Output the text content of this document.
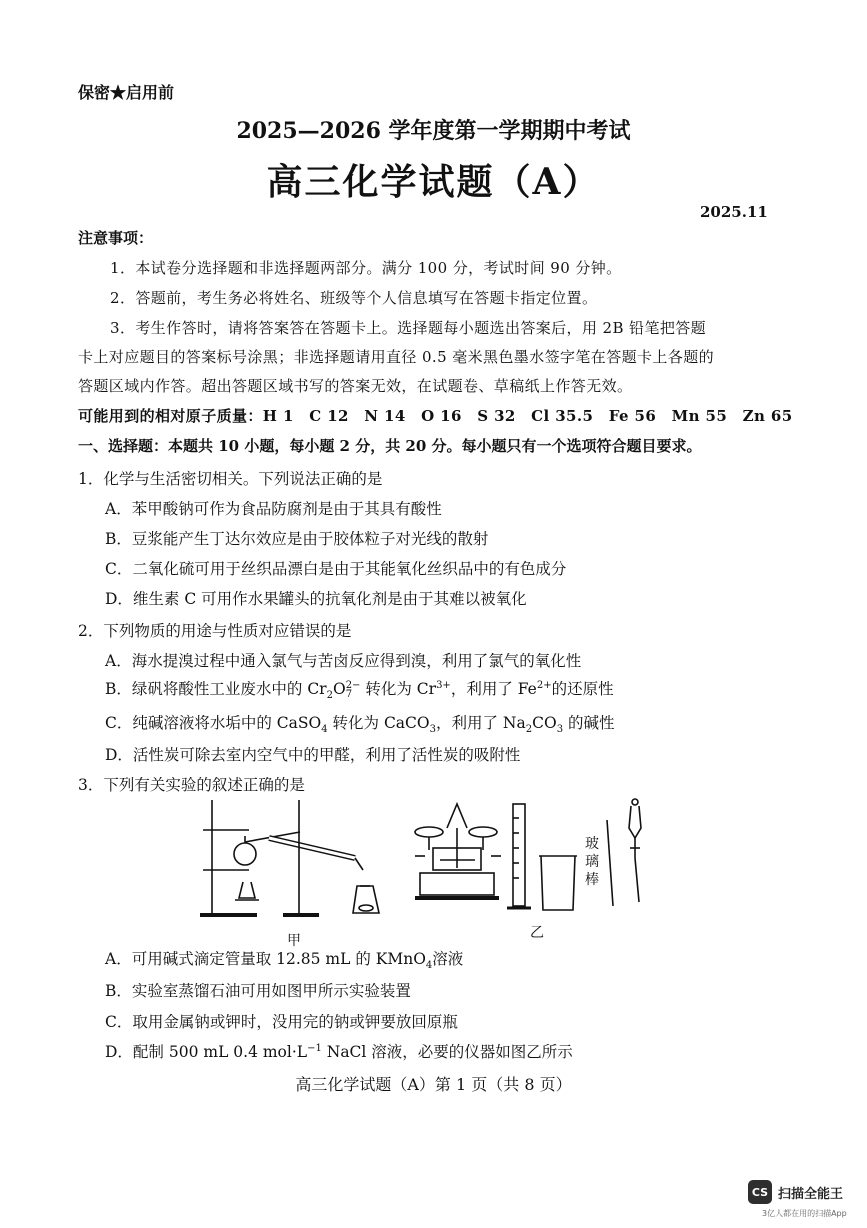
保密★启用前
2025—2026 学年度第一学期期中考试
高三化学试题（A）
2025.11
注意事项：
1．本试卷分选择题和非选择题两部分。满分 100 分，考试时间 90 分钟。
2．答题前，考生务必将姓名、班级等个人信息填写在答题卡指定位置。
3．考生作答时，请将答案答在答题卡上。选择题每小题选出答案后，用 2B 铅笔把答题
卡上对应题目的答案标号涂黑；非选择题请用直径 0.5 毫米黑色墨水签字笔在答题卡上各题的
答题区域内作答。超出答题区域书写的答案无效，在试题卷、草稿纸上作答无效。
可能用到的相对原子质量：H 1　C 12　N 14　O 16　S 32　Cl 35.5　Fe 56　Mn 55　Zn 65
一、选择题：本题共 10 小题，每小题 2 分，共 20 分。每小题只有一个选项符合题目要求。
1．化学与生活密切相关。下列说法正确的是
A．苯甲酸钠可作为食品防腐剂是由于其具有酸性
B．豆浆能产生丁达尔效应是由于胶体粒子对光线的散射
C．二氧化硫可用于丝织品漂白是由于其能氧化丝织品中的有色成分
D．维生素 C 可用作水果罐头的抗氧化剂是由于其难以被氧化
2．下列物质的用途与性质对应错误的是
A．海水提溴过程中通入氯气与苦卤反应得到溴，利用了氯气的氧化性
B．绿矾将酸性工业废水中的 $Cr_2O$ 2−
7 转化为 $Cr^{3+}$，利用了 $Fe^{2+}$的还原性
C．纯碱溶液将水垢中的 CaSO$_4$ 转化为 CaCO$_3$，利用了 $Na_2CO_3$ 的碱性
D．活性炭可除去室内空气中的甲醛，利用了活性炭的吸附性
3．下列有关实验的叙述正确的是
甲	乙
玻
璃
棒
A．可用碱式滴定管量取 12.85 mL 的 KMnO$_4$溶液
B．实验室蒸馏石油可用如图甲所示实验装置
C．取用金属钠或钾时，没用完的钠或钾要放回原瓶
D．配制 500 mL 0.4 $mol\cdot L^{-1}$ NaCl 溶液，必要的仪器如图乙所示
高三化学试题（A）第 1 页（共 8 页）
CS 扫描全能王
3亿人都在用的扫描App
